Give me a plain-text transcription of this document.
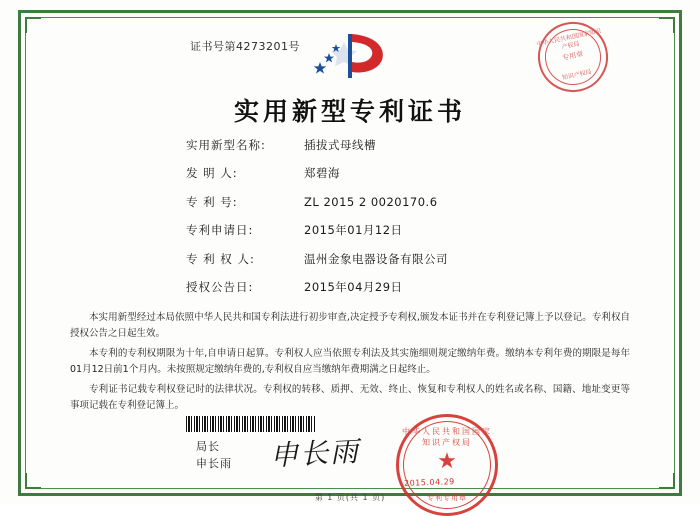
证书号第4273201号	中华人民共和国国家知识产权局
专用章
知识产权局
实用新型专利证书
实用新型名称:	插拔式母线槽
发 明 人:	郑碧海
专 利 号:	ZL 2015 2 0020170.6
专利申请日:	2015年01月12日
专 利 权 人:	温州金象电器设备有限公司
授权公告日:	2015年04月29日

本实用新型经过本局依照中华人民共和国专利法进行初步审查,决定授予专利权,颁发本证书并在专利登记簿上予以登记。专利权自授权公告之日起生效。

本专利的专利权期限为十年,自申请日起算。专利权人应当依照专利法及其实施细则规定缴纳年费。缴纳本专利年费的期限是每年01月12日前1个月内。未按照规定缴纳年费的,专利权自应当缴纳年费期满之日起终止。

专利证书记载专利权登记时的法律状况。专利权的转移、质押、无效、终止、恢复和专利权人的姓名或名称、国籍、地址变更等事项记载在专利登记簿上。

局长
申长雨 申长雨
中华人民共和国国家知识产权局
★
专利专用章
2015.04.29
第 1 页(共 1 页)
